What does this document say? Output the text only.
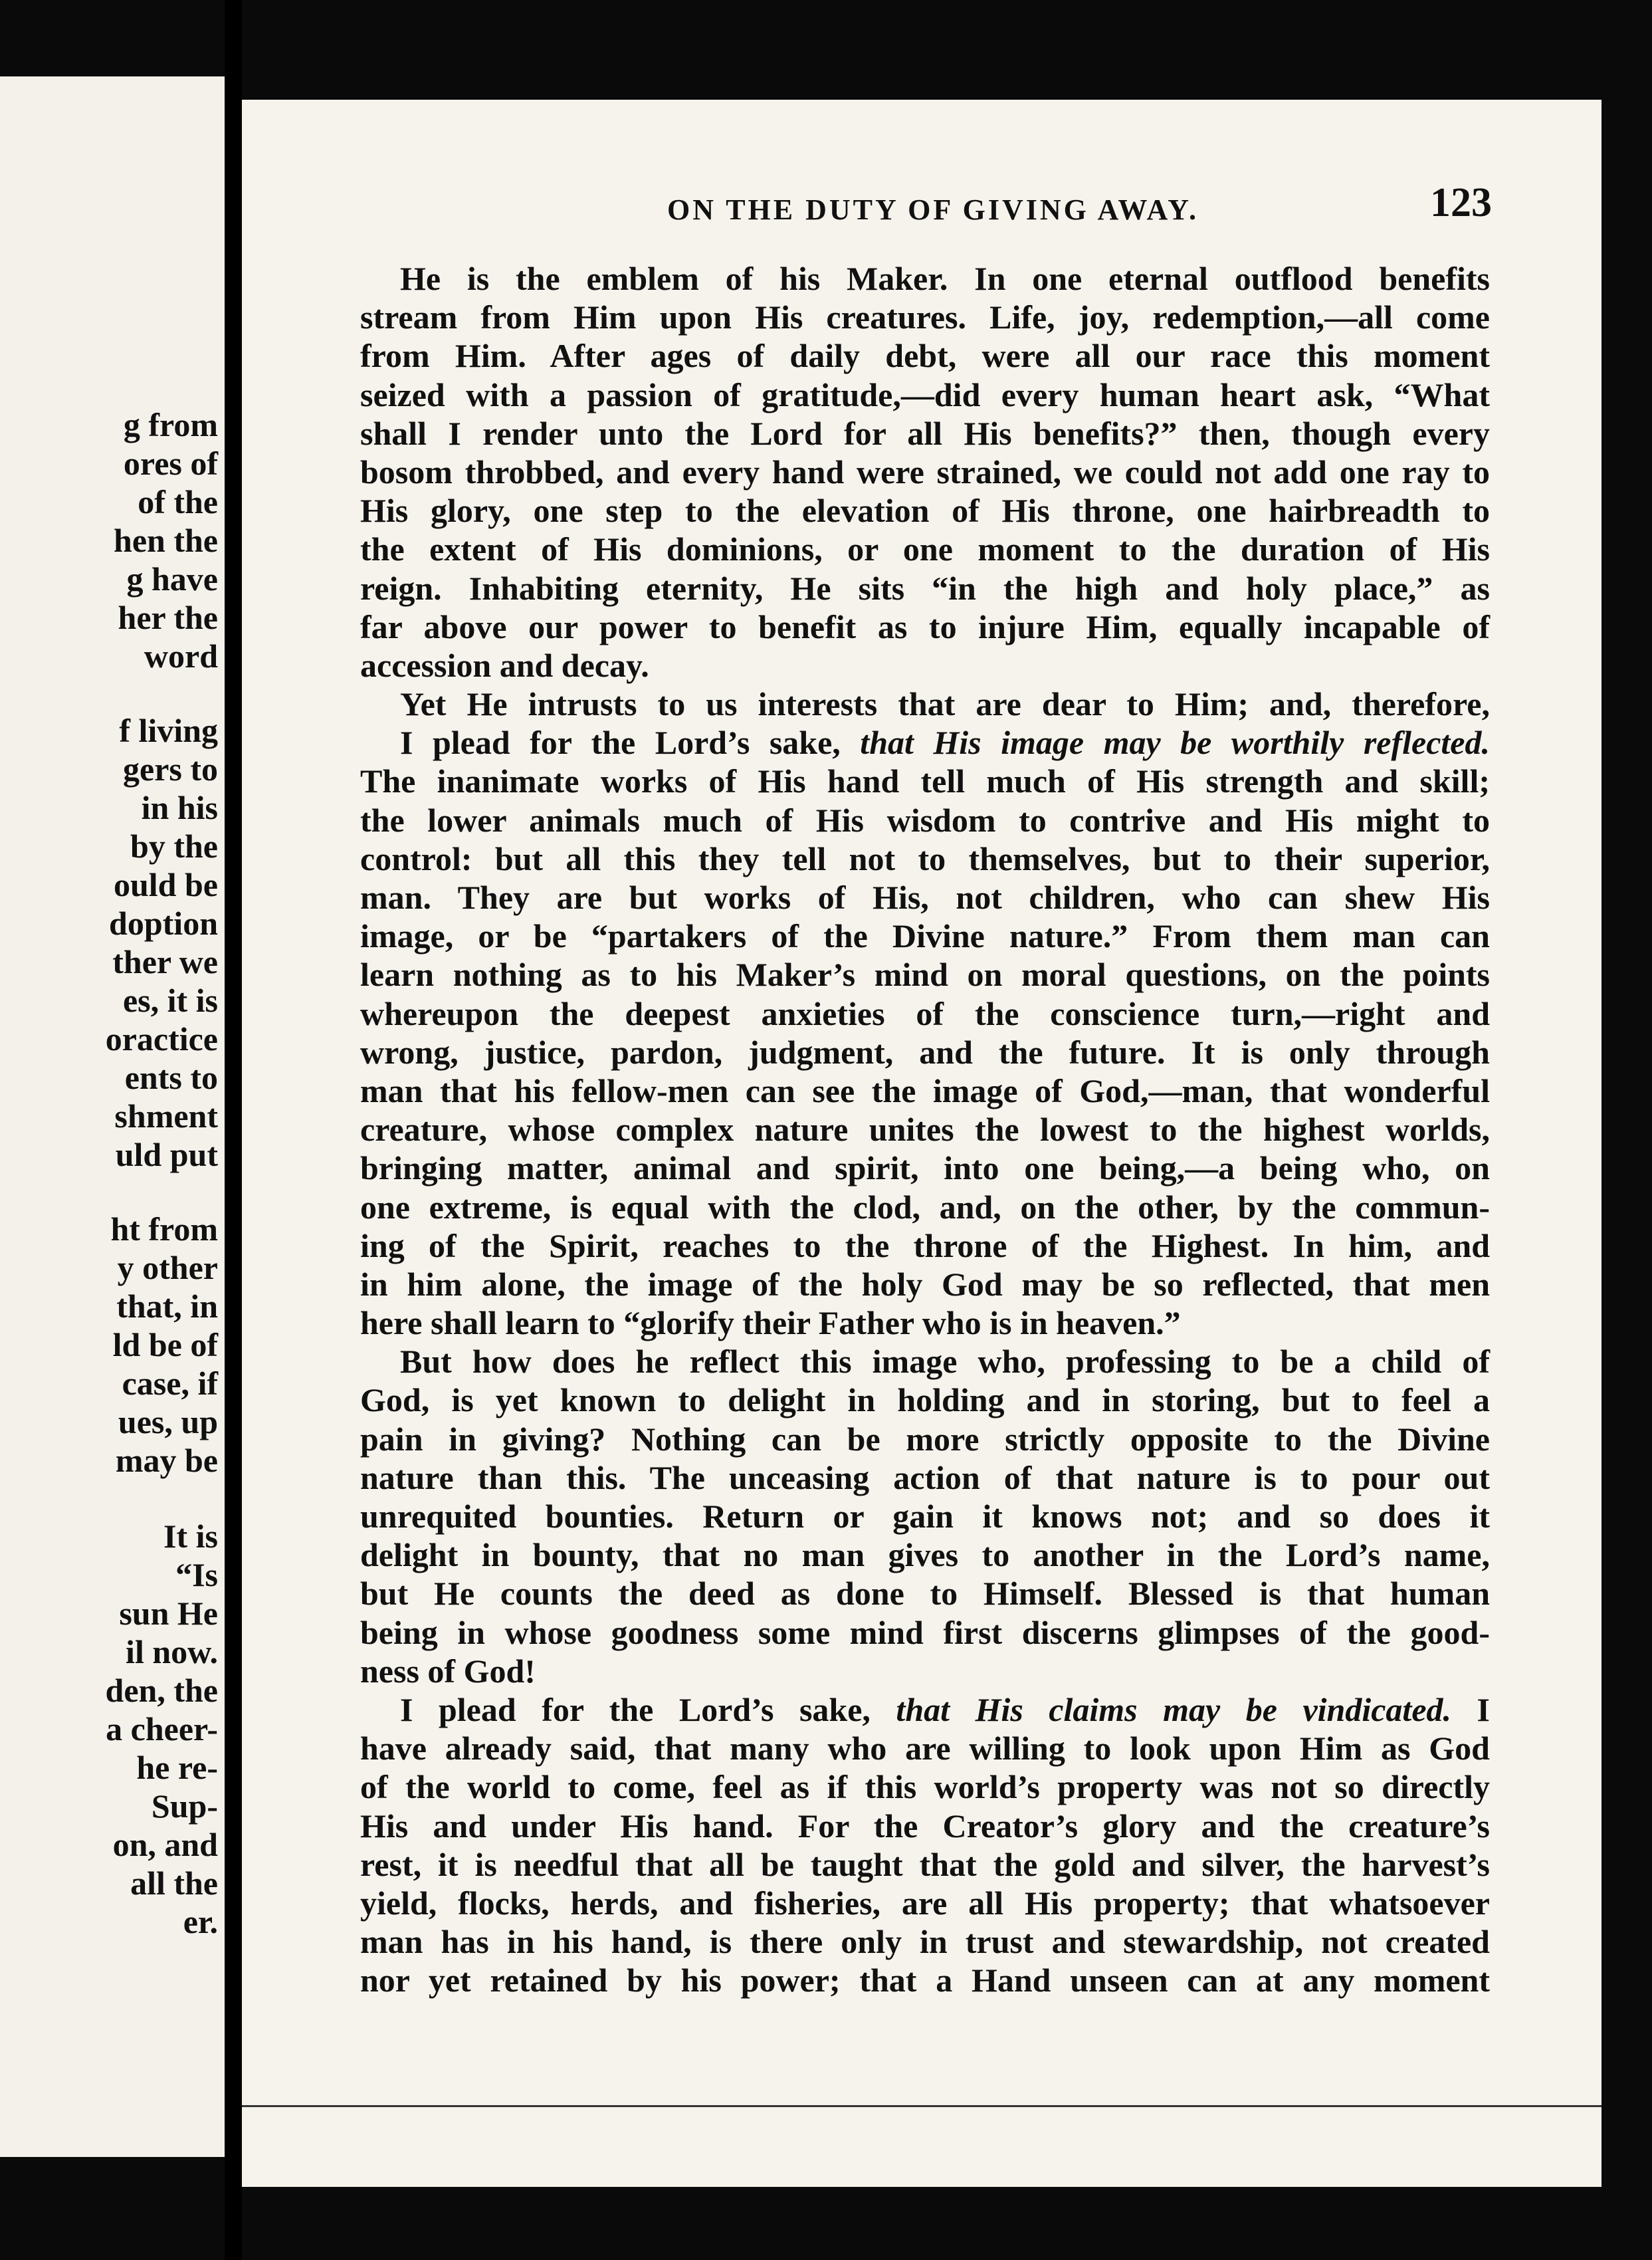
g from
ores of
of the
hen the
g have
her the
word
f living
gers to
in his
by the
ould be
doption
ther we
es, it is
oractice
ents to
shment
uld put
ht from
y other
that, in
ld be of
case, if
ues, up
may be
It is
“Is
sun He
il now.
den, the
a cheer-
he re-
Sup-
on, and
all the
er.
ON THE DUTY OF GIVING AWAY.	123
He is the emblem of his Maker. In one eternal outflood benefits
stream from Him upon His creatures. Life, joy, redemption,—all come
from Him. After ages of daily debt, were all our race this moment
seized with a passion of gratitude,—did every human heart ask, “What
shall I render unto the Lord for all His benefits?” then, though every
bosom throbbed, and every hand were strained, we could not add one ray to
His glory, one step to the elevation of His throne, one hairbreadth to
the extent of His dominions, or one moment to the duration of His
reign. Inhabiting eternity, He sits “in the high and holy place,” as
far above our power to benefit as to injure Him, equally incapable of
accession and decay.
Yet He intrusts to us interests that are dear to Him; and, therefore,
I plead for the Lord’s sake, that His image may be worthily reflected.
The inanimate works of His hand tell much of His strength and skill;
the lower animals much of His wisdom to contrive and His might to
control: but all this they tell not to themselves, but to their superior,
man. They are but works of His, not children, who can shew His
image, or be “partakers of the Divine nature.” From them man can
learn nothing as to his Maker’s mind on moral questions, on the points
whereupon the deepest anxieties of the conscience turn,—right and
wrong, justice, pardon, judgment, and the future. It is only through
man that his fellow-men can see the image of God,—man, that wonderful
creature, whose complex nature unites the lowest to the highest worlds,
bringing matter, animal and spirit, into one being,—a being who, on
one extreme, is equal with the clod, and, on the other, by the commun-
ing of the Spirit, reaches to the throne of the Highest. In him, and
in him alone, the image of the holy God may be so reflected, that men
here shall learn to “glorify their Father who is in heaven.”
But how does he reflect this image who, professing to be a child of
God, is yet known to delight in holding and in storing, but to feel a
pain in giving? Nothing can be more strictly opposite to the Divine
nature than this. The unceasing action of that nature is to pour out
unrequited bounties. Return or gain it knows not; and so does it
delight in bounty, that no man gives to another in the Lord’s name,
but He counts the deed as done to Himself. Blessed is that human
being in whose goodness some mind first discerns glimpses of the good-
ness of God!
I plead for the Lord’s sake, that His claims may be vindicated. I
have already said, that many who are willing to look upon Him as God
of the world to come, feel as if this world’s property was not so directly
His and under His hand. For the Creator’s glory and the creature’s
rest, it is needful that all be taught that the gold and silver, the harvest’s
yield, flocks, herds, and fisheries, are all His property; that whatsoever
man has in his hand, is there only in trust and stewardship, not created
nor yet retained by his power; that a Hand unseen can at any moment
